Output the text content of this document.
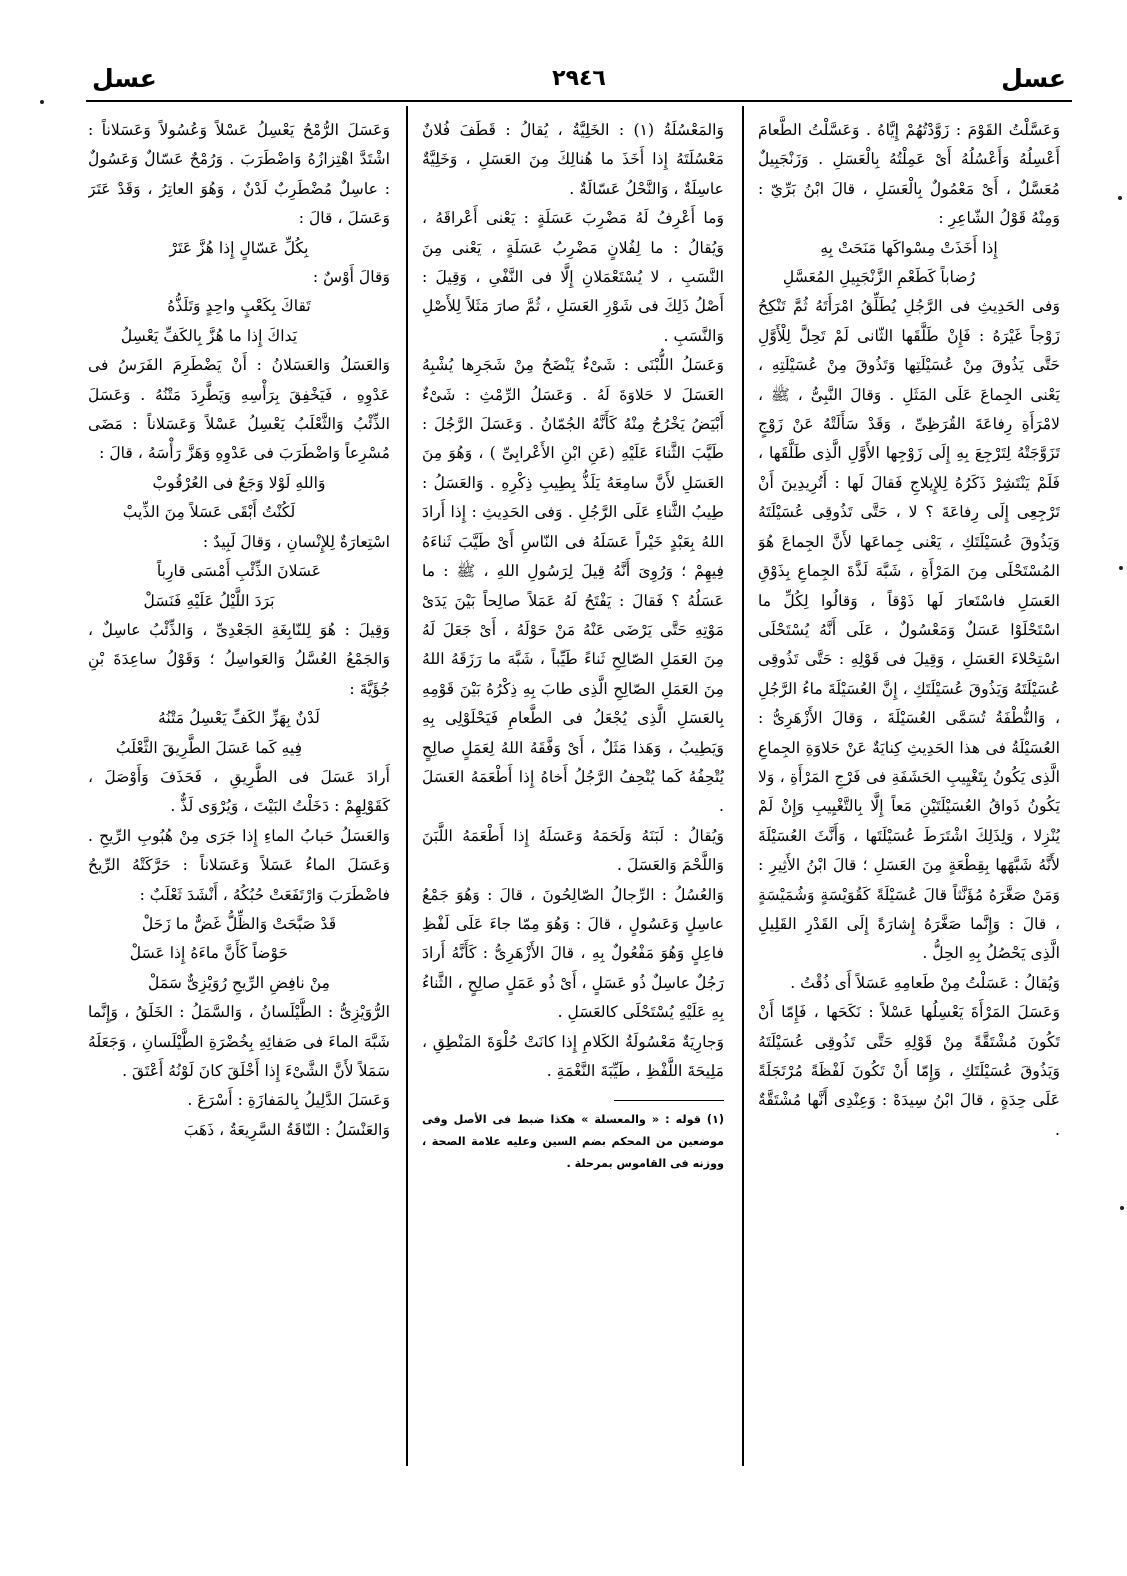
عسل
٢٩٤٦
عسل

وَعَسَّلْتُ القَوْمَ : زَوَّدْتُهُمْ إِيَّاهُ . وَعَسَّلْتُ الطَّعامَ أَعْسِلُهُ وَأَعْسُلُهُ أَىْ عَمِلْتُهُ بِالْعَسَلِ . وَزَنْجَبِيلٌ مُعَسَّلٌ ، أَىْ مَعْمُولٌ بِالْعَسَلِ ، قالَ ابْنُ بَرِّيّ : وَمِنْهُ قَوْلُ الشّاعِرِ :

إِذا أَخَذَتْ مِسْواكَها مَنَحَتْ بِهِ

رُضاباً كَطَعْمِ الزَّنْجَبِيلِ المُعَسَّلِ

وَفى الحَدِيثِ فى الرَّجُلِ يُطَلِّقُ امْرَأَتَهُ ثُمَّ تَنْكِحُ زَوْجاً غَيْرَهُ : فَإِنْ طَلَّقَها الثّانى لَمْ تَحِلَّ لِلْأَوَّلِ حَتَّى يَذُوقَ مِنْ عُسَيْلَتِها وَتَذُوقَ مِنْ عُسَيْلَتِهِ ، يَعْنى الجِماعَ عَلَى المَثَلِ . وَقالَ النَّبِىُّ ، ﷺ ، لامْرَأَةِ رِفاعَةَ القُرَظِىِّ ، وَقَدْ سَأَلَتْهُ عَنْ زَوْجٍ تَزَوَّجَتْهُ لِتَرْجِعَ بِهِ إِلَى زَوْجِها الأَوَّلِ الَّذِى طَلَّقَها ، فَلَمْ يَنْتَشِرْ ذَكَرُهُ لِلإِيلاجِ فَقالَ لَها : أَتُرِيدِينَ أَنْ تَرْجِعِى إِلَى رِفاعَةَ ؟ لا ، حَتَّى تَذُوقِى عُسَيْلَتَهُ وَيَذُوقَ عُسَيْلَتَكِ ، يَعْنى جِماعَها لأَنَّ الجِماعَ هُوَ المُسْتَحْلَى مِنَ المَرْأَةِ ، شَبَّهَ لَذَّةَ الجِماعِ بِذَوْقِ العَسَلِ فاسْتَعارَ لَها ذَوْقاً ، وَقالُوا لِكُلِّ ما اسْتَحْلَوْا عَسَلٌ وَمَعْسُولٌ ، عَلَى أَنَّهُ يُسْتَحْلَى اسْتِحْلاءَ العَسَلِ ، وَقِيلَ فى قَوْلِهِ : حَتَّى تَذُوقِى عُسَيْلَتَهُ وَيَذُوقَ عُسَيْلَتَكِ ، إِنَّ العُسَيْلَةَ ماءُ الرَّجُلِ ، وَالنُّطْفَةُ تُسَمَّى العُسَيْلَةَ ، وَقالَ الأَزْهَرِىُّ : العُسَيْلَةُ فى هذا الحَدِيثِ كِنايَةٌ عَنْ حَلاوَةِ الجِماعِ الَّذِى يَكُونُ بِتَغْيِيبِ الحَشَفَةِ فى فَرْجِ المَرْأَةِ ، وَلا يَكُونُ ذَواقُ العُسَيْلَتَيْنِ مَعاً إِلَّا بِالتَّغْيِيبِ وَإِنْ لَمْ يُنْزِلا ، وَلِذَلِكَ اشْتَرَطَ عُسَيْلَتَها ، وَأَنَّثَ العُسَيْلَةَ لأَنَّهُ شَبَّهَها بِقِطْعَةٍ مِنَ العَسَلِ ؛ قالَ ابْنُ الأَثِيرِ : وَمَنْ صَغَّرَهُ مُؤَنَّثاً قالَ عُسَيْلَةً كَقُوَيْسَةٍ وَشُمَيْسَةٍ ، قالَ : وَإِنَّما صَغَّرَهُ إِشارَةً إِلَى القَدْرِ القَلِيلِ الَّذِى يَحْصُلُ بِهِ الحِلُّ .

وَيُقالُ : عَسَلْتُ مِنْ طَعامِهِ عَسَلاً أَى ذُقْتُ .

وَعَسَلَ المَرْأَةَ يَعْسِلُها عَسْلاً : نَكَحَها ، فَإِمّا أَنْ تَكُونَ مُشْتَقَّةً مِنْ قَوْلِهِ حَتَّى تَذُوقِى عُسَيْلَتَهُ وَيَذُوقَ عُسَيْلَتَكِ ، وَإِمّا أَنْ تَكُونَ لَفْظَةً مُرْتَجَلَةً عَلَى حِدَةٍ ، قالَ ابْنُ سِيدَهْ : وَعِنْدِى أَنَّها مُشْتَقَّةٌ .

وَالمَعْسُلَةُ (١) : الخَلِيَّةُ ، يُقالُ : قَطَفَ فُلانٌ مَعْسُلَتَهُ إِذا أَخَذَ ما هُنالِكَ مِنَ العَسَلِ ، وَخَلِيَّةٌ عاسِلَةٌ ، وَالنَّحْلُ عَسّالَةٌ .

وَما أَعْرِفُ لَهُ مَضْرِبَ عَسَلَةٍ : يَعْنى أَعْراقَهُ ، وَيُقالُ : ما لِفُلانٍ مَضْرِبُ عَسَلَةٍ ، يَعْنى مِنَ النَّسَبِ ، لا يُسْتَعْمَلانِ إِلَّا فى النَّفْىِ ، وَقِيلَ : أَصْلُ ذَلِكَ فى شَوْرِ العَسَلِ ، ثُمَّ صارَ مَثَلاً لِلأَصْلِ وَالنَّسَبِ .

وَعَسَلُ اللُّبْنَى : شَىْءٌ يَنْضَحُ مِنْ شَجَرِها يُشْبِهُ العَسَلَ لا حَلاوَةَ لَهُ . وَعَسَلُ الرِّمْثِ : شَىْءٌ أَبْيَضُ يَخْرُجُ مِنْهُ كَأَنَّهُ الجُمّانُ . وَعَسَلَ الرَّجُلَ : طَيَّبَ الثَّناءَ عَلَيْهِ (عَنِ ابْنِ الأَعْرابِىِّ ) ، وَهُوَ مِنَ العَسَلِ لأَنَّ سامِعَهُ يَلَذُّ بِطِيبِ ذِكْرِهِ . وَالعَسَلُ : طِيبُ الثَّناءِ عَلَى الرَّجُلِ . وَفى الحَدِيثِ : إِذا أَرادَ اللهُ بِعَبْدٍ خَيْراً عَسَلَهُ فى النّاسِ أَىْ طَيَّبَ ثَناءَهُ فِيهِمْ ؛ وَرُوِىَ أَنَّهُ قِيلَ لِرَسُولِ اللهِ ، ﷺ : ما عَسَلُهُ ؟ فَقالَ : يَفْتَحُ لَهُ عَمَلاً صالِحاً بَيْنَ يَدَىْ مَوْتِهِ حَتَّى يَرْضَى عَنْهُ مَنْ حَوْلَهُ ، أَىْ جَعَلَ لَهُ مِنَ العَمَلِ الصّالِحِ ثَناءً طَيِّباً ، شَبَّهَ ما رَزَقَهُ اللهُ مِنَ العَمَلِ الصّالِحِ الَّذِى طابَ بِهِ ذِكْرُهُ بَيْنَ قَوْمِهِ بِالعَسَلِ الَّذِى يُجْعَلُ فى الطَّعامِ فَيَحْلَوْلِى بِهِ وَيَطِيبُ ، وَهَذا مَثَلٌ ، أَىْ وَفَّقَهُ اللهُ لِعَمَلٍ صالِحٍ يُتْحِفُهُ كَما يُتْحِفُ الرَّجُلُ أَخاهُ إِذا أَطْعَمَهُ العَسَلَ .

وَيُقالُ : لَبَنَهُ وَلَحَمَهُ وَعَسَلَهُ إِذا أَطْعَمَهُ اللَّبَنَ وَاللَّحْمَ وَالعَسَلَ .

وَالعُسُلُ : الرِّجالُ الصّالِحُونَ ، قالَ : وَهُوَ جَمْعُ عاسِلٍ وَعَسُولٍ ، قالَ : وَهُوَ مِمّا جاءَ عَلَى لَفْظِ فاعِلٍ وَهُوَ مَفْعُولٌ بِهِ ، قالَ الأَزْهَرِىُّ : كَأَنَّهُ أَرادَ رَجُلٌ عاسِلٌ ذُو عَسَلٍ ، أَىْ ذُو عَمَلٍ صالِحٍ ، الثَّناءُ بِهِ عَلَيْهِ يُسْتَحْلَى كالعَسَلِ .

وَجارِيَةٌ مَعْسُولَةُ الكَلامِ إِذا كانَتْ حُلْوَةَ المَنْطِقِ ، مَلِيحَةَ اللَّفْظِ ، طَيِّبَةَ النَّغْمَةِ .

(١) قوله : « والمعسلة » هكذا ضبط فى الأصل وفى موضعين من المحكم بضم السين وعليه علامة الصحة ، ووزنه فى القاموس بمرحلة .

وَعَسَلَ الرُّمْحُ يَعْسِلُ عَسْلاً وَعُسُولاً وَعَسَلاناً : اشْتَدَّ اهْتِزازُهُ وَاضْطَرَبَ . وَرُمْحٌ عَسّالٌ وَعَسُولٌ : عاسِلٌ مُضْطَرِبٌ لَدْنٌ ، وَهُوَ العاتِرُ ، وَقَدْ عَتَرَ وَعَسَلَ ، قالَ :

بِكُلِّ عَسّالٍ إِذا هُزَّ عَتَرْ

وَقالَ أَوْسٌ :

تَقاكَ بِكَعْبٍ واحِدٍ وَتَلَذُّهُ

يَداكَ إِذا ما هُزَّ بِالكَفِّ يَعْسِلُ

وَالعَسَلُ وَالعَسَلانُ : أَنْ يَضْطَرِمَ الفَرَسُ فى عَدْوِهِ ، فَيَخْفِقَ بِرَأْسِهِ وَيَطَّرِدَ مَتْنُهُ . وَعَسَلَ الذِّئْبُ وَالثَّعْلَبُ يَعْسِلُ عَسْلاً وَعَسَلاناً : مَضَى مُسْرِعاً وَاضْطَرَبَ فى عَدْوِهِ وَهَزَّ رَأْسَهُ ، قالَ :

وَاللهِ لَوْلا وَجَعٌ فى العُرْقُوبْ

لَكُنْتُ أَبْقَى عَسَلاً مِنَ الذِّيبْ

اسْتِعارَةٌ لِلإِنْسانِ ، وَقالَ لَبِيدٌ :

عَسَلانَ الذِّئْبِ أَمْسَى قارِباً

بَرَدَ اللَّيْلُ عَلَيْهِ فَنَسَلْ

وَقِيلَ : هُوَ لِلنّابِغَةِ الجَعْدِىِّ ، وَالذِّئْبُ عاسِلٌ ، وَالجَمْعُ العُسَّلُ وَالعَواسِلُ ؛ وَقَوْلُ ساعِدَةَ بْنِ جُؤَيَّةَ :

لَدْنٌ بِهَزِّ الكَفِّ يَعْسِلُ مَتْنُهُ

فِيهِ كَما عَسَلَ الطَّرِيقَ الثَّعْلَبُ

أَرادَ عَسَلَ فى الطَّرِيقِ ، فَحَذَفَ وَأَوْصَلَ ، كَقَوْلِهِمْ : دَخَلْتُ البَيْتَ ، وَيُرْوَى لَذٌّ .

وَالعَسَلُ حَبابُ الماءِ إِذا جَرَى مِنْ هُبُوبِ الرِّيحِ . وَعَسَلَ الماءُ عَسَلاً وَعَسَلاناً : حَرَّكَتْهُ الرِّيحُ فاضْطَرَبَ وَارْتَفَعَتْ حُبُكُهُ ، أَنْشَدَ ثَعْلَبٌ :

قَدْ صَبَّحَتْ وَالظِّلُّ غَضٌّ ما زَحَلْ

حَوْضاً كَأَنَّ ماءَهُ إِذا عَسَلْ

مِنْ نافِضِ الرِّيحِ رُوَيْزِىٌّ سَمَلْ

الرُّوَيْزِىُّ : الطَّيْلَسانُ ، وَالسَّمَلُ : الخَلَقُ ، وَإِنَّما شَبَّهَ الماءَ فى صَفائِهِ بِخُضْرَةِ الطَّيْلَسانِ ، وَجَعَلَهُ سَمَلاً لأَنَّ الشَّىْءَ إِذا أَخْلَقَ كانَ لَوْنُهُ أَعْتَقَ .

وَعَسَلَ الدَّلِيلُ بِالمَفازَةِ : أَسْرَعَ .

وَالعَنْسَلُ : النّاقَةُ السَّرِيعَةُ ، ذَهَبَ
